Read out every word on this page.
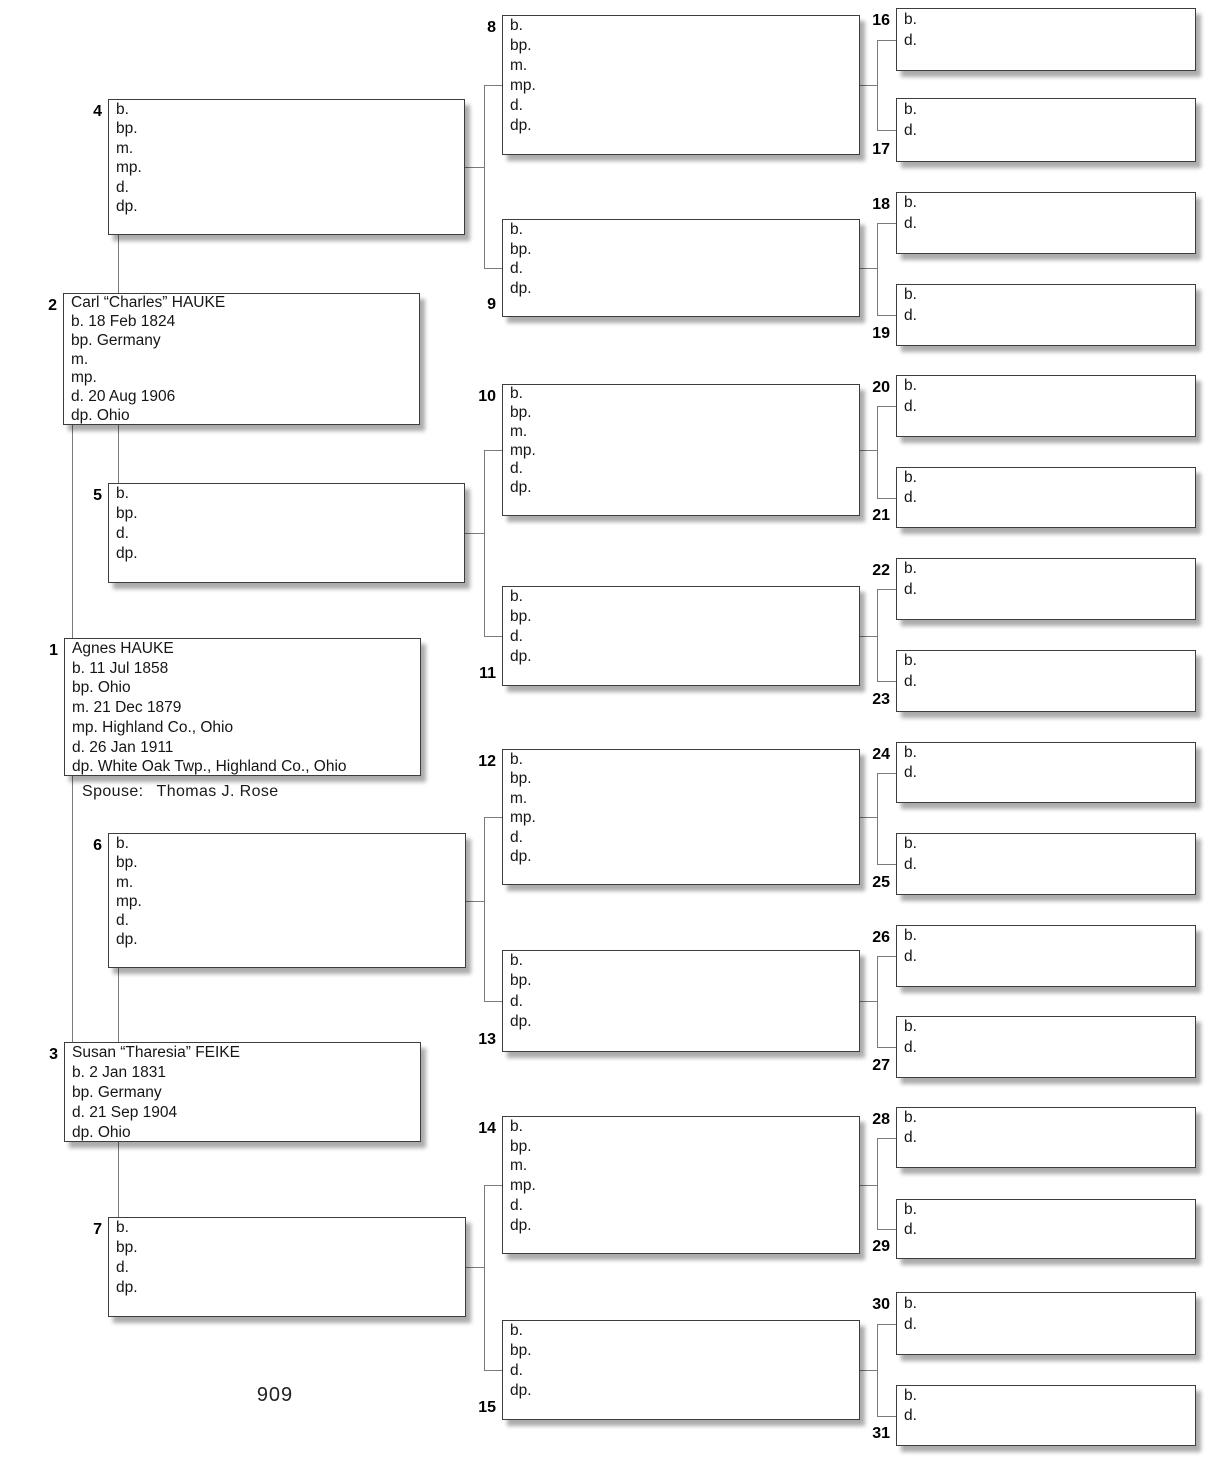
Spouse: Thomas J. Rose
909
Agnes HAUKE
b. 11 Jul 1858
bp. Ohio
m. 21 Dec 1879
mp. Highland Co., Ohio
d. 26 Jan 1911
dp. White Oak Twp., Highland Co., Ohio
1
Carl “Charles” HAUKE
b. 18 Feb 1824
bp. Germany
m.
mp.
d. 20 Aug 1906
dp. Ohio
2
Susan “Tharesia” FEIKE
b. 2 Jan 1831
bp. Germany
d. 21 Sep 1904
dp. Ohio
3
b.
bp.
m.
mp.
d.
dp.
4
b.
bp.
d.
dp.
5
b.
bp.
m.
mp.
d.
dp.
6
b.
bp.
d.
dp.
7
b.
bp.
m.
mp.
d.
dp.
8
b.
bp.
d.
dp.
9
b.
bp.
m.
mp.
d.
dp.
10
b.
bp.
d.
dp.
11
b.
bp.
m.
mp.
d.
dp.
12
b.
bp.
d.
dp.
13
b.
bp.
m.
mp.
d.
dp.
14
b.
bp.
d.
dp.
15
b.
d.
16
b.
d.
17
b.
d.
18
b.
d.
19
b.
d.
20
b.
d.
21
b.
d.
22
b.
d.
23
b.
d.
24
b.
d.
25
b.
d.
26
b.
d.
27
b.
d.
28
b.
d.
29
b.
d.
30
b.
d.
31
